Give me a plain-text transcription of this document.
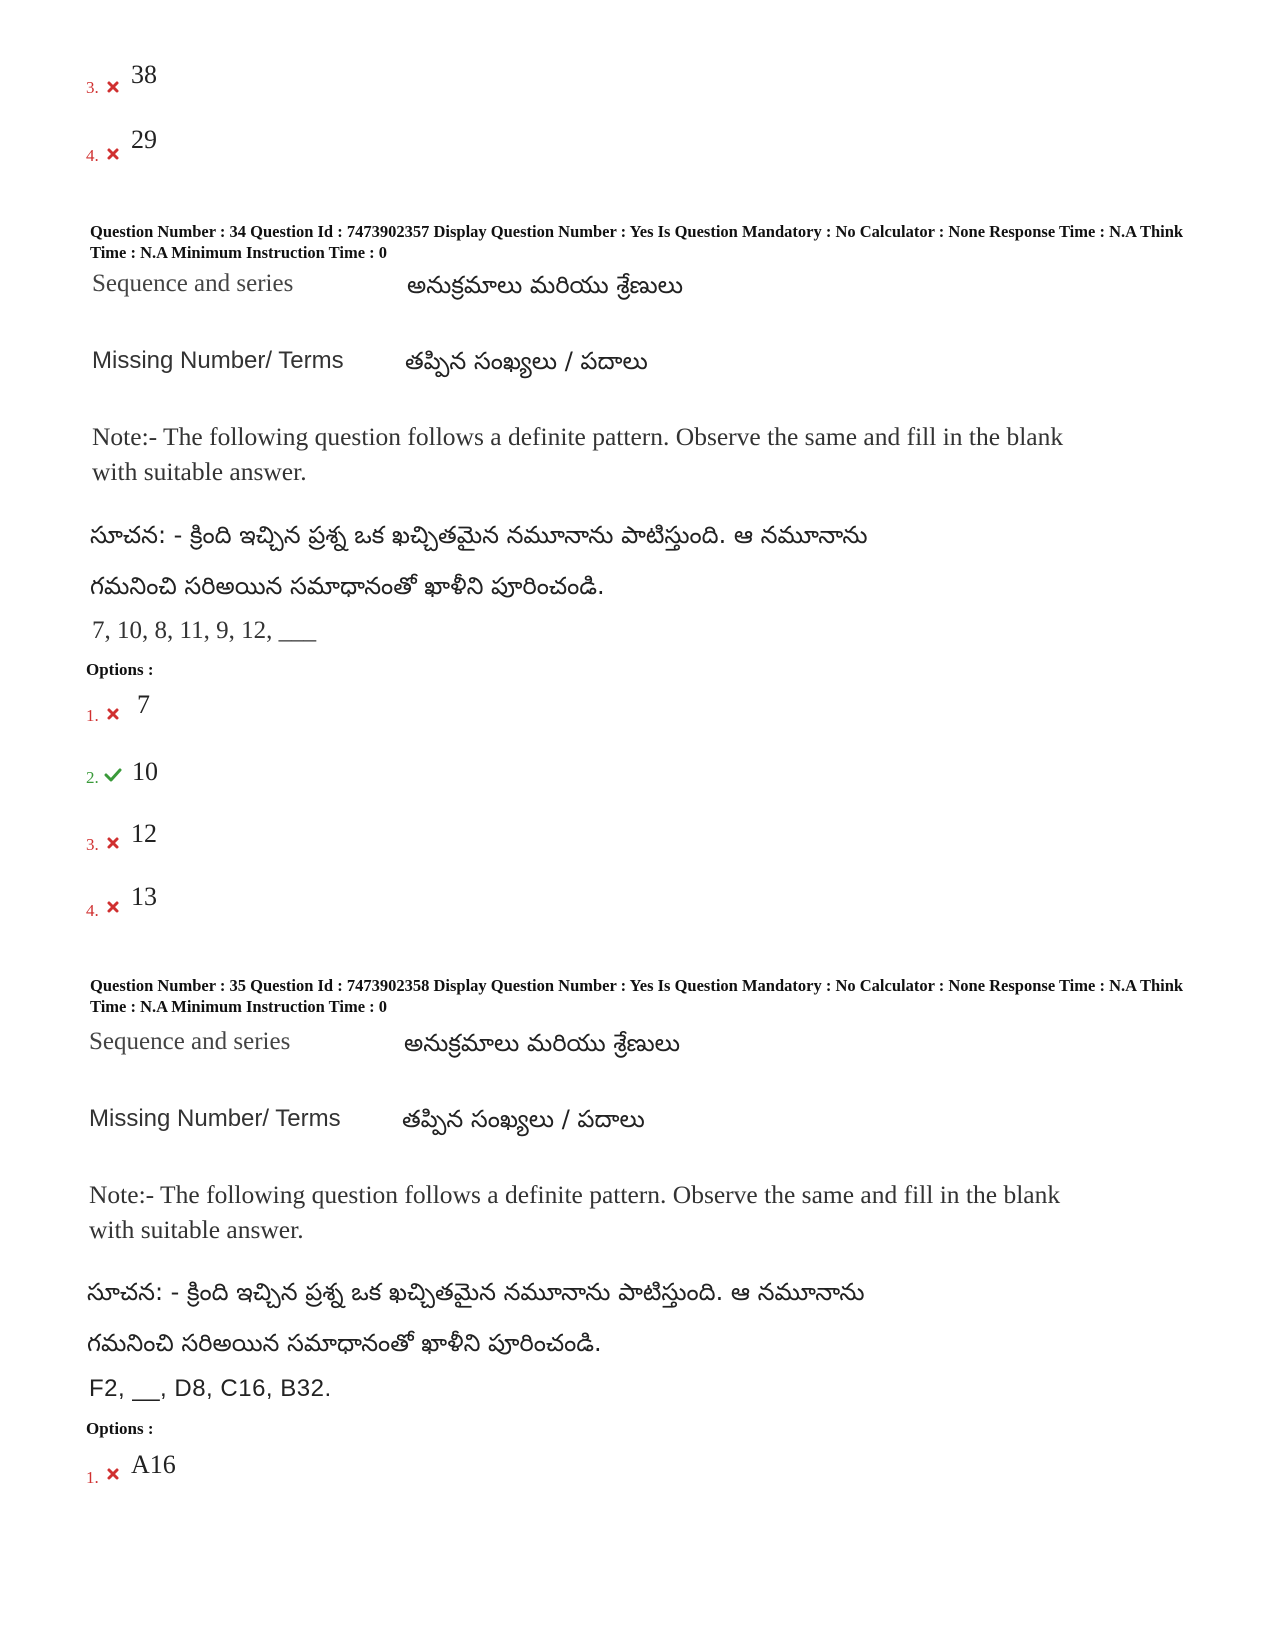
3. 38
4.
29
Question Number : 34 Question Id : 7473902357 Display Question Number : Yes Is Question Mandatory : No Calculator : None Response Time : N.A Think Time : N.A Minimum Instruction Time : 0
Sequence and series	అనుక్రమాలు మరియు శ్రేణులు
Missing Number/ Terms	తప్పిన సంఖ్యలు / పదాలు
Note:- The following question follows a definite pattern. Observe the same and fill in the blank with suitable answer.
సూచన: - క్రింది ఇచ్చిన ప్రశ్న ఒక ఖచ్చితమైన నమూనాను పాటిస్తుంది. ఆ నమూనాను
గమనించి సరిఅయిన సమాధానంతో ఖాళీని పూరించండి.
7, 10, 8, 11, 9, 12, ___
Options :
1. 7
2. 10
3. 12
4. 13
Question Number : 35 Question Id : 7473902358 Display Question Number : Yes Is Question Mandatory : No Calculator : None Response Time : N.A Think Time : N.A Minimum Instruction Time : 0
Sequence and series	అనుక్రమాలు మరియు శ్రేణులు
Missing Number/ Terms	తప్పిన సంఖ్యలు / పదాలు
Note:- The following question follows a definite pattern. Observe the same and fill in the blank with suitable answer.
సూచన: - క్రింది ఇచ్చిన ప్రశ్న ఒక ఖచ్చితమైన నమూనాను పాటిస్తుంది. ఆ నమూనాను
గమనించి సరిఅయిన సమాధానంతో ఖాళీని పూరించండి.
F2, __, D8, C16, B32.
Options :
1. A16
